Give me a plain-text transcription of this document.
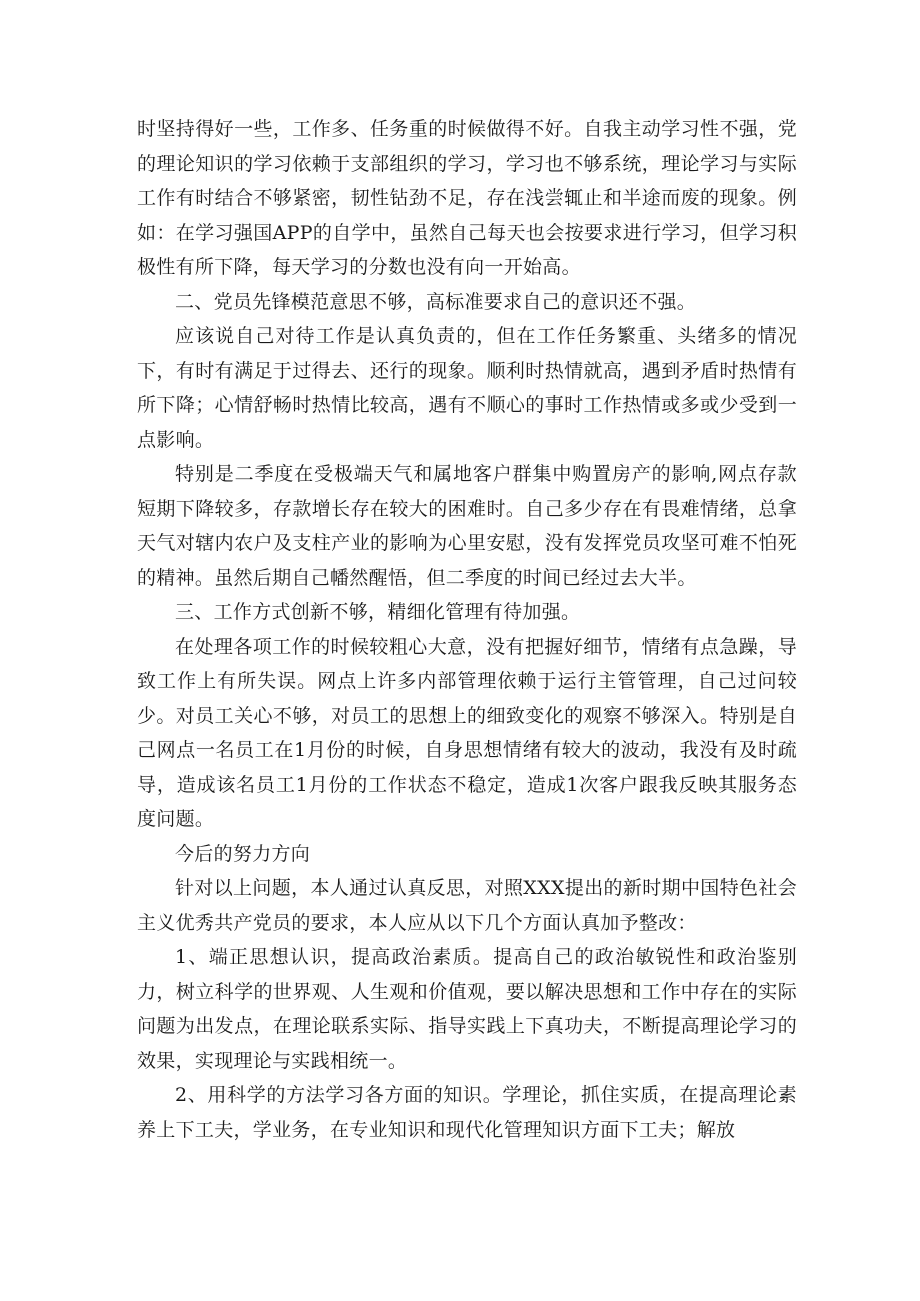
时坚持得好一些，工作多、任务重的时候做得不好。自我主动学习性不强，党的理论知识的学习依赖于支部组织的学习，学习也不够系统，理论学习与实际工作有时结合不够紧密，韧性钻劲不足，存在浅尝辄止和半途而废的现象。例如：在学习强国APP的自学中，虽然自己每天也会按要求进行学习，但学习积极性有所下降，每天学习的分数也没有向一开始高。

二、党员先锋模范意思不够，高标准要求自己的意识还不强。

应该说自己对待工作是认真负责的，但在工作任务繁重、头绪多的情况下，有时有满足于过得去、还行的现象。顺利时热情就高，遇到矛盾时热情有所下降；心情舒畅时热情比较高，遇有不顺心的事时工作热情或多或少受到一点影响。

特别是二季度在受极端天气和属地客户群集中购置房产的影响,网点存款短期下降较多，存款增长存在较大的困难时。自己多少存在有畏难情绪，总拿天气对辖内农户及支柱产业的影响为心里安慰，没有发挥党员攻坚可难不怕死的精神。虽然后期自己幡然醒悟，但二季度的时间已经过去大半。

三、工作方式创新不够，精细化管理有待加强。

在处理各项工作的时候较粗心大意，没有把握好细节，情绪有点急躁，导致工作上有所失误。网点上许多内部管理依赖于运行主管管理，自己过问较少。对员工关心不够，对员工的思想上的细致变化的观察不够深入。特别是自己网点一名员工在1月份的时候，自身思想情绪有较大的波动，我没有及时疏导，造成该名员工1月份的工作状态不稳定，造成1次客户跟我反映其服务态度问题。

今后的努力方向

针对以上问题，本人通过认真反思，对照XXX提出的新时期中国特色社会主义优秀共产党员的要求，本人应从以下几个方面认真加予整改：

1、端正思想认识，提高政治素质。提高自己的政治敏锐性和政治鉴别力，树立科学的世界观、人生观和价值观，要以解决思想和工作中存在的实际问题为出发点，在理论联系实际、指导实践上下真功夫，不断提高理论学习的效果，实现理论与实践相统一。

2、用科学的方法学习各方面的知识。学理论，抓住实质，在提高理论素养上下工夫，学业务，在专业知识和现代化管理知识方面下工夫；解放
